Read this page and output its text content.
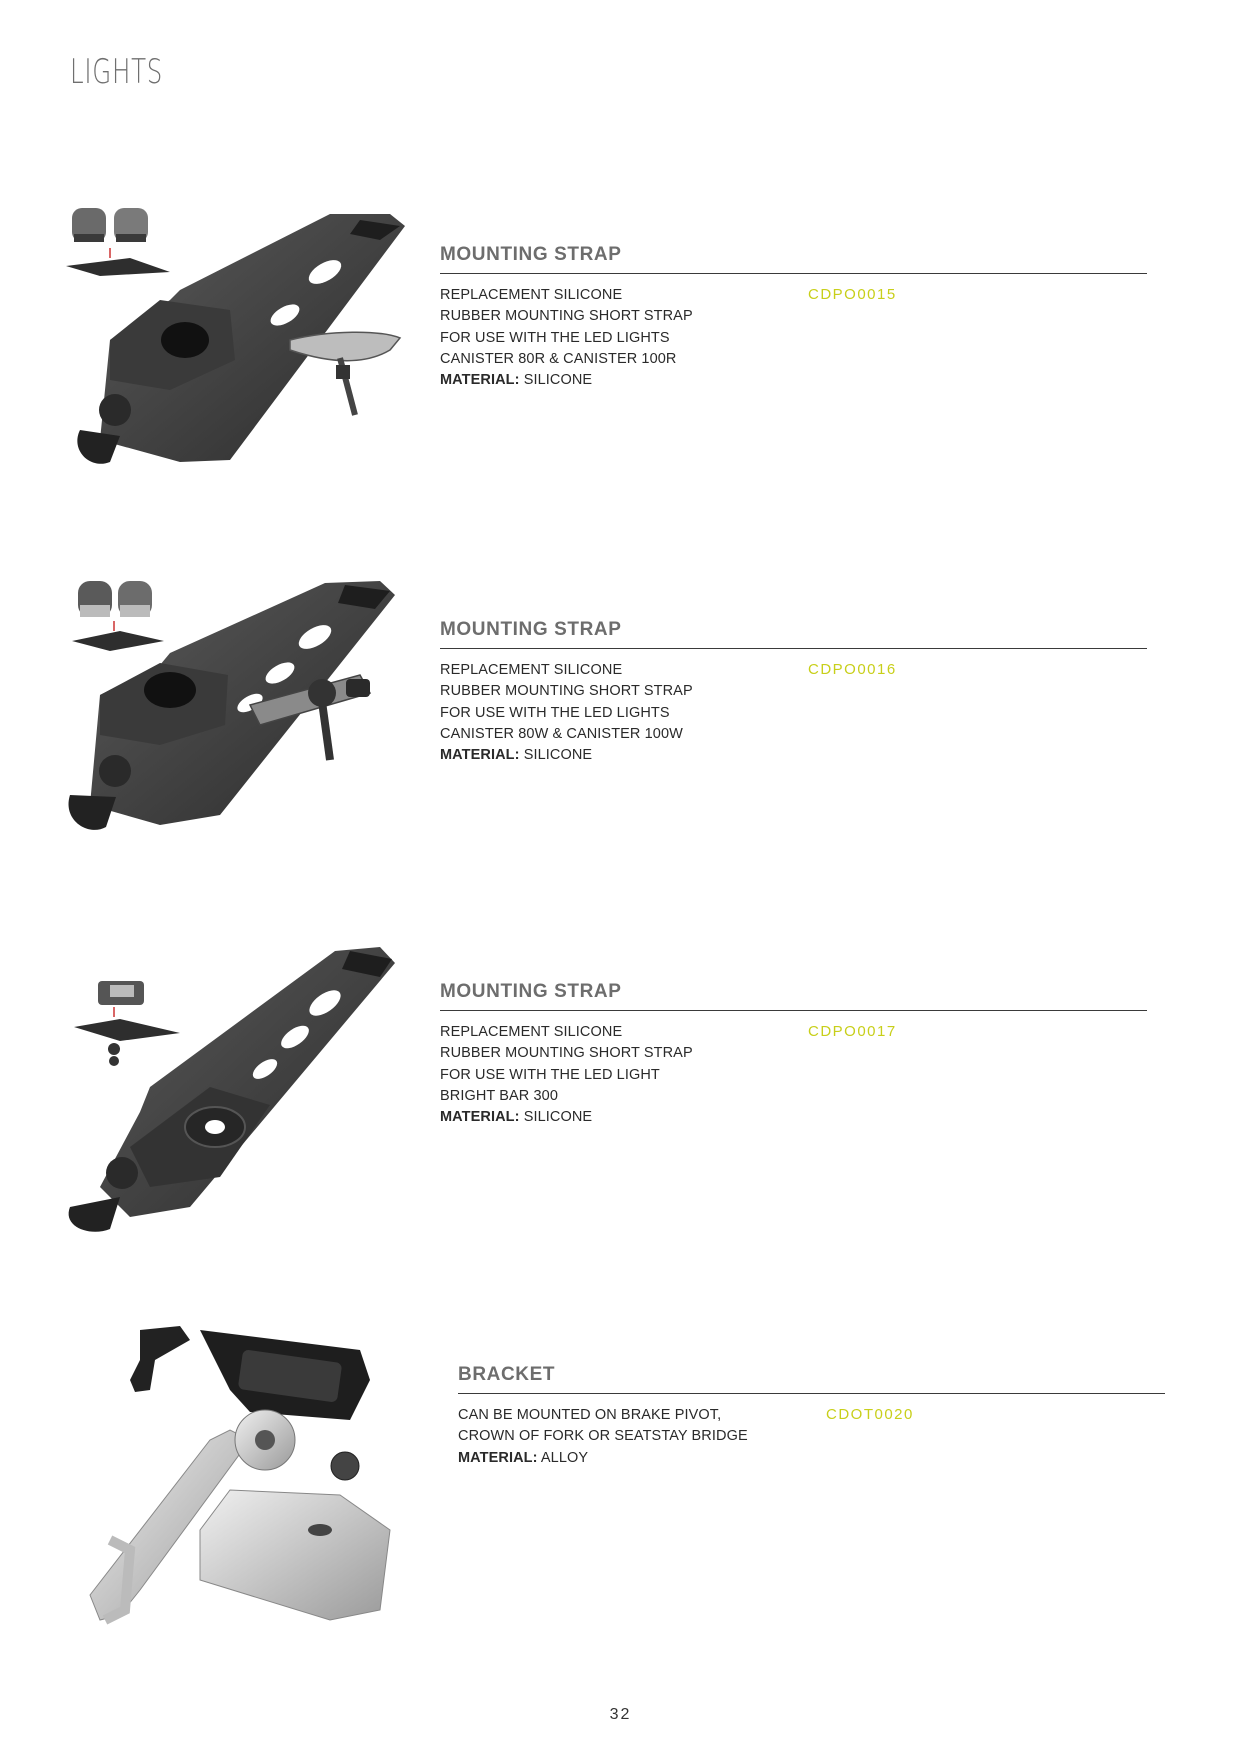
LIGHTS
MOUNTING STRAP
REPLACEMENT SILICONE
RUBBER MOUNTING SHORT STRAP
FOR USE WITH THE LED LIGHTS
CANISTER 80R & CANISTER 100R
MATERIAL: SILICONE
CDPO0015
MOUNTING STRAP
REPLACEMENT SILICONE
RUBBER MOUNTING SHORT STRAP
FOR USE WITH THE LED LIGHTS
CANISTER 80W & CANISTER 100W
MATERIAL: SILICONE
CDPO0016
MOUNTING STRAP
REPLACEMENT SILICONE
RUBBER MOUNTING SHORT STRAP
FOR USE WITH THE LED LIGHT
BRIGHT BAR 300
MATERIAL: SILICONE
CDPO0017
BRACKET
CAN BE MOUNTED ON BRAKE PIVOT,
CROWN OF FORK OR SEATSTAY BRIDGE
MATERIAL: ALLOY
CDOT0020
32
